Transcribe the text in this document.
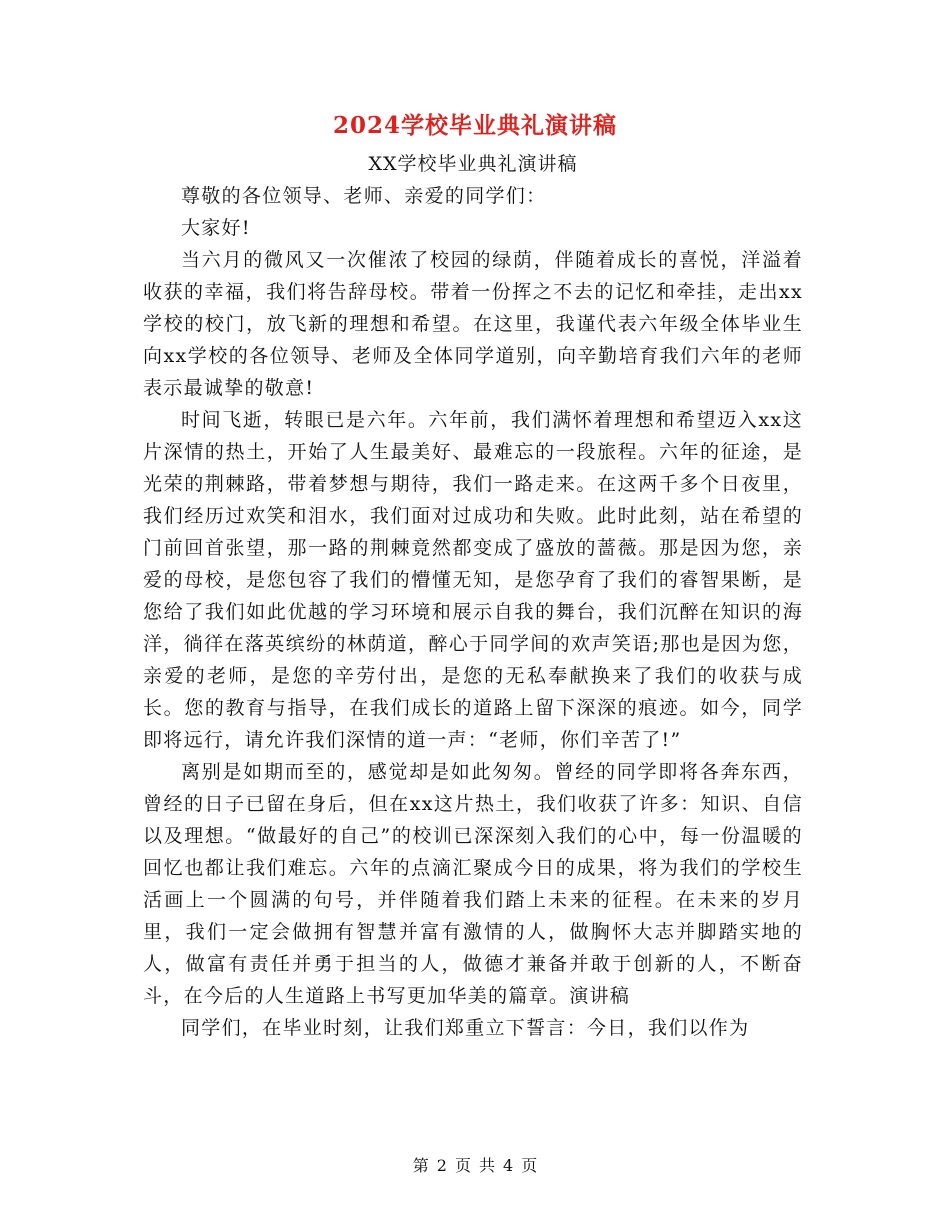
2024学校毕业典礼演讲稿

XX学校毕业典礼演讲稿

尊敬的各位领导、老师、亲爱的同学们：

大家好!

当六月的微风又一次催浓了校园的绿荫，伴随着成长的喜悦，洋溢着收获的幸福，我们将告辞母校。带着一份挥之不去的记忆和牵挂，走出xx学校的校门，放飞新的理想和希望。在这里，我谨代表六年级全体毕业生向xx学校的各位领导、老师及全体同学道别，向辛勤培育我们六年的老师表示最诚挚的敬意!

时间飞逝，转眼已是六年。六年前，我们满怀着理想和希望迈入xx这片深情的热土，开始了人生最美好、最难忘的一段旅程。六年的征途，是光荣的荆棘路，带着梦想与期待，我们一路走来。在这两千多个日夜里，我们经历过欢笑和泪水，我们面对过成功和失败。此时此刻，站在希望的门前回首张望，那一路的荆棘竟然都变成了盛放的蔷薇。那是因为您，亲爱的母校，是您包容了我们的懵懂无知，是您孕育了我们的睿智果断，是您给了我们如此优越的学习环境和展示自我的舞台，我们沉醉在知识的海洋，徜徉在落英缤纷的林荫道，醉心于同学间的欢声笑语;那也是因为您，亲爱的老师，是您的辛劳付出，是您的无私奉献换来了我们的收获与成长。您的教育与指导，在我们成长的道路上留下深深的痕迹。如今，同学即将远行，请允许我们深情的道一声：“老师，你们辛苦了!”

离别是如期而至的，感觉却是如此匆匆。曾经的同学即将各奔东西，曾经的日子已留在身后，但在xx这片热土，我们收获了许多：知识、自信以及理想。“做最好的自己”的校训已深深刻入我们的心中，每一份温暖的回忆也都让我们难忘。六年的点滴汇聚成今日的成果，将为我们的学校生活画上一个圆满的句号，并伴随着我们踏上未来的征程。在未来的岁月里，我们一定会做拥有智慧并富有激情的人，做胸怀大志并脚踏实地的人，做富有责任并勇于担当的人，做德才兼备并敢于创新的人，不断奋斗，在今后的人生道路上书写更加华美的篇章。演讲稿

同学们，在毕业时刻，让我们郑重立下誓言：今日，我们以作为

第 2 页 共 4 页
